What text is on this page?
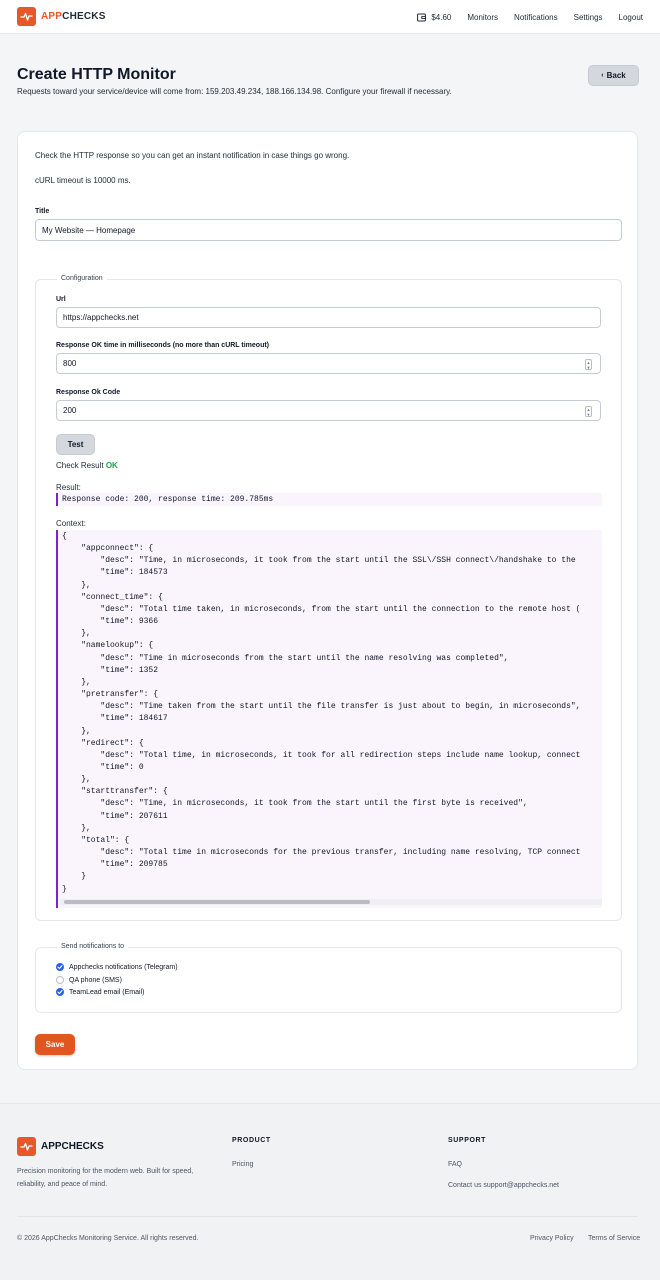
APPCHECKS	$4.60 Monitors Notifications Settings Logout
Create HTTP Monitor
Requests toward your service/device will come from: 159.203.49.234, 188.166.134.98. Configure your firewall if necessary.
‹ Back
Check the HTTP response so you can get an instant notification in case things go wrong.
cURL timeout is 10000 ms.
Title
My Website — Homepage
Configuration
Url
https://appchecks.net
Response OK time in milliseconds (no more than cURL timeout)
800	▲
▼
Response Ok Code
200	▲
▼
Test
Check Result OK
Result:
Response code: 200, response time: 209.785ms
Context:
{
"appconnect": {
"desc": "Time, in microseconds, it took from the start until the SSL\/SSH connect\/handshake to the
"time": 184573
},
"connect_time": {
"desc": "Total time taken, in microseconds, from the start until the connection to the remote host (
"time": 9366
},
"namelookup": {
"desc": "Time in microseconds from the start until the name resolving was completed",
"time": 1352
},
"pretransfer": {
"desc": "Time taken from the start until the file transfer is just about to begin, in microseconds",
"time": 184617
},
"redirect": {
"desc": "Total time, in microseconds, it took for all redirection steps include name lookup, connect
"time": 0
},
"starttransfer": {
"desc": "Time, in microseconds, it took from the start until the first byte is received",
"time": 207611
},
"total": {
"desc": "Total time in microseconds for the previous transfer, including name resolving, TCP connect
"time": 209785
}
}
Send notifications to
Appchecks notifications (Telegram)
QA phone (SMS)
TeamLead email (Email)
Save
APPCHECKS
Precision monitoring for the modern web. Built for speed, reliability, and peace of mind.
PRODUCT
Pricing
SUPPORT
FAQ
Contact us support@appchecks.net
© 2026 AppChecks Monitoring Service. All rights reserved.	Privacy Policy Terms of Service
